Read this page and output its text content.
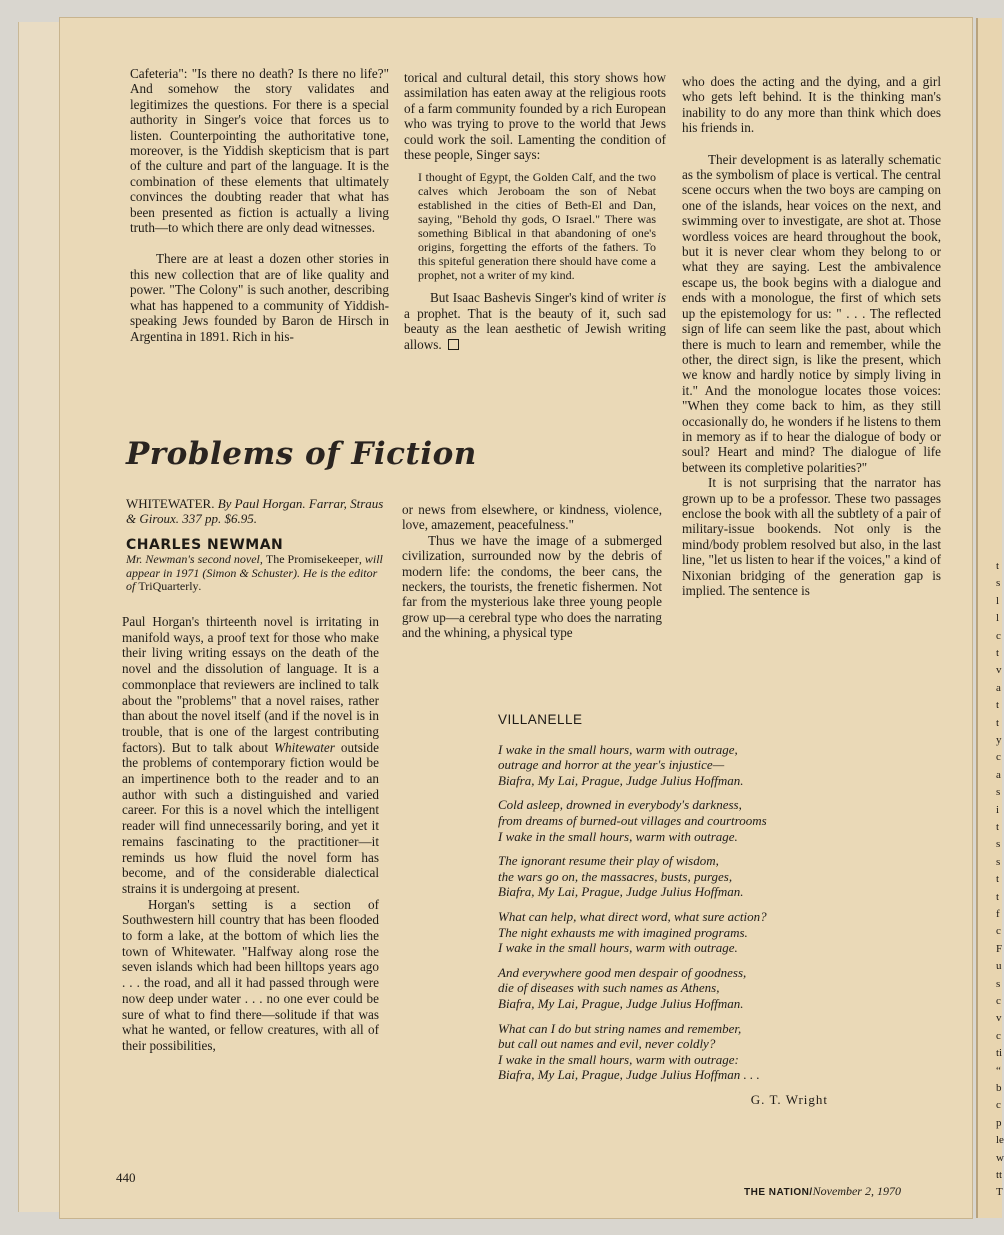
t
s
l
l
c
t
v
a
t
t
y
c
a
s
i
t
s
s
t
t
f
c
F
u
s
c
v
c
ti
“
b
c
p
le
w
tt
T

Cafeteria": "Is there no death? Is there no life?" And somehow the story validates and legitimizes the questions. For there is a special authority in Singer's voice that forces us to listen. Counterpointing the authoritative tone, moreover, is the Yiddish skepticism that is part of the culture and part of the language. It is the combination of these elements that ultimately convinces the doubting reader that what has been presented as fiction is actually a living truth—to which there are only dead witnesses.

There are at least a dozen other stories in this new collection that are of like quality and power. "The Colony" is such another, describing what has happened to a community of Yiddish-speaking Jews founded by Baron de Hirsch in Argentina in 1891. Rich in his-

torical and cultural detail, this story shows how assimilation has eaten away at the religious roots of a farm community founded by a rich European who was trying to prove to the world that Jews could work the soil. Lamenting the condition of these people, Singer says:

I thought of Egypt, the Golden Calf, and the two calves which Jeroboam the son of Nebat established in the cities of Beth-El and Dan, saying, "Behold thy gods, O Israel." There was something Biblical in that abandoning of one's origins, forgetting the efforts of the fathers. To this spiteful generation there should have come a prophet, not a writer of my kind.

But Isaac Bashevis Singer's kind of writer is a prophet. That is the beauty of it, such sad beauty as the lean aesthetic of Jewish writing allows.

who does the acting and the dying, and a girl who gets left behind. It is the thinking man's inability to do any more than think which does his friends in.

Their development is as laterally schematic as the symbolism of place is vertical. The central scene occurs when the two boys are camping on one of the islands, hear voices on the next, and swimming over to investigate, are shot at. Those wordless voices are heard throughout the book, but it is never clear whom they belong to or what they are saying. Lest the ambivalence escape us, the book begins with a dialogue and ends with a monologue, the first of which sets up the epistemology for us: " . . . The reflected sign of life can seem like the past, about which there is much to learn and remember, while the other, the direct sign, is like the present, which we know and hardly notice by simply living in it." And the monologue locates those voices: "When they come back to him, as they still occasionally do, he wonders if he listens to them in memory as if to hear the dialogue of body or soul? Heart and mind? The dialogue of life between its completive polarities?"

It is not surprising that the narrator has grown up to be a professor. These two passages enclose the book with all the subtlety of a pair of military-issue bookends. Not only is the mind/body problem resolved but also, in the last line, "let us listen to hear if the voices," a kind of Nixonian bridging of the generation gap is implied. The sentence is

Problems of Fiction
WHITEWATER. By Paul Horgan. Farrar, Straus & Giroux. 337 pp. $6.95.
CHARLES NEWMAN
Mr. Newman's second novel, The Promisekeeper, will appear in 1971 (Simon & Schuster). He is the editor of TriQuarterly.

Paul Horgan's thirteenth novel is irritating in manifold ways, a proof text for those who make their living writing essays on the death of the novel and the dissolution of language. It is a commonplace that reviewers are inclined to talk about the "problems" that a novel raises, rather than about the novel itself (and if the novel is in trouble, that is one of the largest contributing factors). But to talk about Whitewater outside the problems of contemporary fiction would be an impertinence both to the reader and to an author with such a distinguished and varied career. For this is a novel which the intelligent reader will find unnecessarily boring, and yet it remains fascinating to the practitioner—it reminds us how fluid the novel form has become, and of the considerable dialectical strains it is undergoing at present.

Horgan's setting is a section of Southwestern hill country that has been flooded to form a lake, at the bottom of which lies the town of Whitewater. "Halfway along rose the seven islands which had been hilltops years ago . . . the road, and all it had passed through were now deep under water . . . no one ever could be sure of what to find there—solitude if that was what he wanted, or fellow creatures, with all of their possibilities,

or news from elsewhere, or kindness, violence, love, amazement, peacefulness."

Thus we have the image of a submerged civilization, surrounded now by the debris of modern life: the condoms, the beer cans, the neckers, the tourists, the frenetic fishermen. Not far from the mysterious lake three young people grow up—a cerebral type who does the narrating and the whining, a physical type

VILLANELLE
I wake in the small hours, warm with outrage,
outrage and horror at the year's injustice—
Biafra, My Lai, Prague, Judge Julius Hoffman.
Cold asleep, drowned in everybody's darkness,
from dreams of burned-out villages and courtrooms
I wake in the small hours, warm with outrage.
The ignorant resume their play of wisdom,
the wars go on, the massacres, busts, purges,
Biafra, My Lai, Prague, Judge Julius Hoffman.
What can help, what direct word, what sure action?
The night exhausts me with imagined programs.
I wake in the small hours, warm with outrage.
And everywhere good men despair of goodness,
die of diseases with such names as Athens,
Biafra, My Lai, Prague, Judge Julius Hoffman.
What can I do but string names and remember,
but call out names and evil, never coldly?
I wake in the small hours, warm with outrage:
Biafra, My Lai, Prague, Judge Julius Hoffman . . .
G. T. Wright
440
THE NATION/November 2, 1970
